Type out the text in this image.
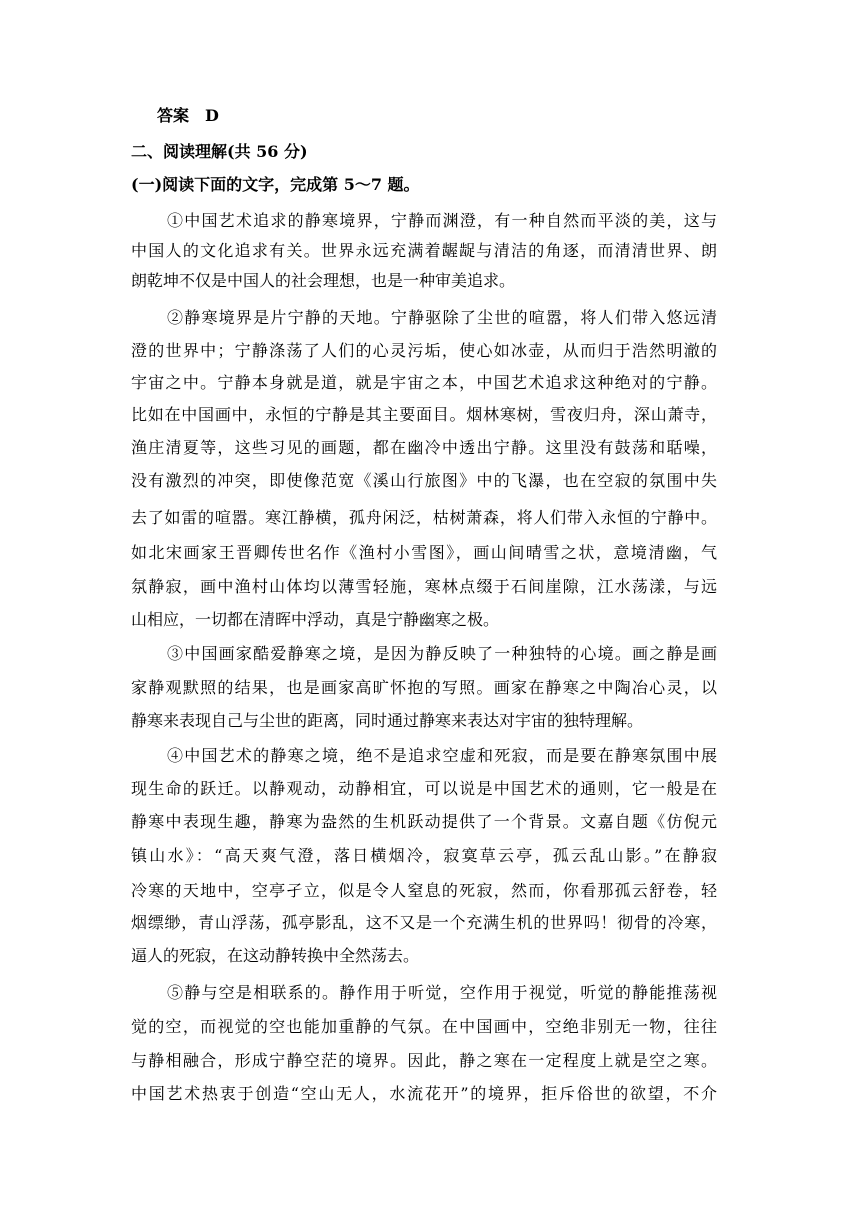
答案 D
二、阅读理解(共 56 分)
(一)阅读下面的文字，完成第 5～7 题。
①中国艺术追求的静寒境界，宁静而渊澄，有一种自然而平淡的美，这与
中国人的文化追求有关。世界永远充满着龌龊与清洁的角逐，而清清世界、朗
朗乾坤不仅是中国人的社会理想，也是一种审美追求。
②静寒境界是片宁静的天地。宁静驱除了尘世的喧嚣，将人们带入悠远清
澄的世界中；宁静涤荡了人们的心灵污垢，使心如冰壶，从而归于浩然明澈的
宇宙之中。宁静本身就是道，就是宇宙之本，中国艺术追求这种绝对的宁静。
比如在中国画中，永恒的宁静是其主要面目。烟林寒树，雪夜归舟，深山萧寺，
渔庄清夏等，这些习见的画题，都在幽冷中透出宁静。这里没有鼓荡和聒噪，
没有激烈的冲突，即使像范宽《溪山行旅图》中的飞瀑，也在空寂的氛围中失
去了如雷的喧嚣。寒江静横，孤舟闲泛，枯树萧森，将人们带入永恒的宁静中。
如北宋画家王晋卿传世名作《渔村小雪图》，画山间晴雪之状，意境清幽，气
氛静寂，画中渔村山体均以薄雪轻施，寒林点缀于石间崖隙，江水荡漾，与远
山相应，一切都在清晖中浮动，真是宁静幽寒之极。
③中国画家酷爱静寒之境，是因为静反映了一种独特的心境。画之静是画
家静观默照的结果，也是画家高旷怀抱的写照。画家在静寒之中陶冶心灵，以
静寒来表现自己与尘世的距离，同时通过静寒来表达对宇宙的独特理解。
④中国艺术的静寒之境，绝不是追求空虚和死寂，而是要在静寒氛围中展
现生命的跃迁。以静观动，动静相宜，可以说是中国艺术的通则，它一般是在
静寒中表现生趣，静寒为盎然的生机跃动提供了一个背景。文嘉自题《仿倪元
镇山水》：“高天爽气澄，落日横烟冷，寂寞草云亭，孤云乱山影。”在静寂
冷寒的天地中，空亭孑立，似是令人窒息的死寂，然而，你看那孤云舒卷，轻
烟缥缈，青山浮荡，孤亭影乱，这不又是一个充满生机的世界吗！彻骨的冷寒，
逼人的死寂，在这动静转换中全然荡去。
⑤静与空是相联系的。静作用于听觉，空作用于视觉，听觉的静能推荡视
觉的空，而视觉的空也能加重静的气氛。在中国画中，空绝非别无一物，往往
与静相融合，形成宁静空茫的境界。因此，静之寒在一定程度上就是空之寒。
中国艺术热衷于创造“空山无人，水流花开”的境界，拒斥俗世的欲望，不介
